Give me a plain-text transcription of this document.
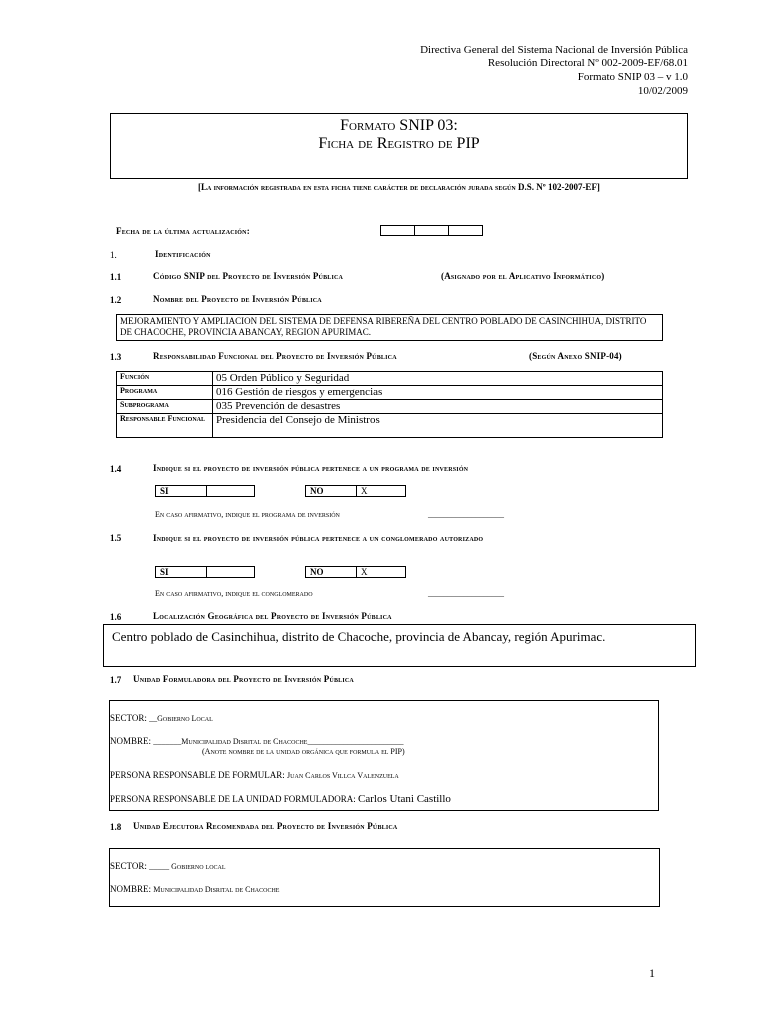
Directiva General del Sistema Nacional de Inversión Pública
Resolución Directoral Nº 002-2009-EF/68.01
Formato SNIP 03 – v 1.0
10/02/2009
Formato SNIP 03:
Ficha de Registro de PIP
[La información registrada en esta ficha tiene carácter de declaración jurada según D.S. Nº 102-2007-EF]
Fecha de la última actualización:
1.	Identificación
1.1	Código SNIP del Proyecto de Inversión Pública	(Asignado por el Aplicativo Informático)
1.2	Nombre del Proyecto de Inversión Pública
MEJORAMIENTO Y AMPLIACION DEL SISTEMA DE DEFENSA RIBEREÑA DEL CENTRO POBLADO DE CASINCHIHUA, DISTRITO DE CHACOCHE, PROVINCIA ABANCAY, REGION APURIMAC.
1.3	Responsabilidad Funcional del Proyecto de Inversión Pública	(Según Anexo SNIP-04)
Función	05 Orden Público y Seguridad
Programa	016 Gestión de riesgos y emergencias
Subprograma	035 Prevención de desastres
Responsable Funcional	Presidencia del Consejo de Ministros
1.4	Indique si el proyecto de inversión pública pertenece a un programa de inversión
SI	NO	X
En caso afirmativo, indique el programa de inversión	___________________
1.5	Indique si el proyecto de inversión pública pertenece a un conglomerado autorizado
SI	NO	X
En caso afirmativo, indique el conglomerado	___________________
1.6	Localización Geográfica del Proyecto de Inversión Pública
Centro poblado de Casinchihua, distrito de Chacoche, provincia de Abancay, región Apurimac.
1.7 Unidad Formuladora del Proyecto de Inversión Pública
SECTOR: __Gobierno Local
NOMBRE: _______Municipalidad Disrital de Chacoche________________________
(Anote nombre de la unidad orgánica que formula el PIP)
PERSONA RESPONSABLE DE FORMULAR: Juan Carlos Villca Valenzuela
PERSONA RESPONSABLE DE LA UNIDAD FORMULADORA: Carlos Utani Castillo
1.8 Unidad Ejecutora Recomendada del Proyecto de Inversión Pública
SECTOR: _____ Gobierno local
NOMBRE: Municipalidad Disrital de Chacoche
1
